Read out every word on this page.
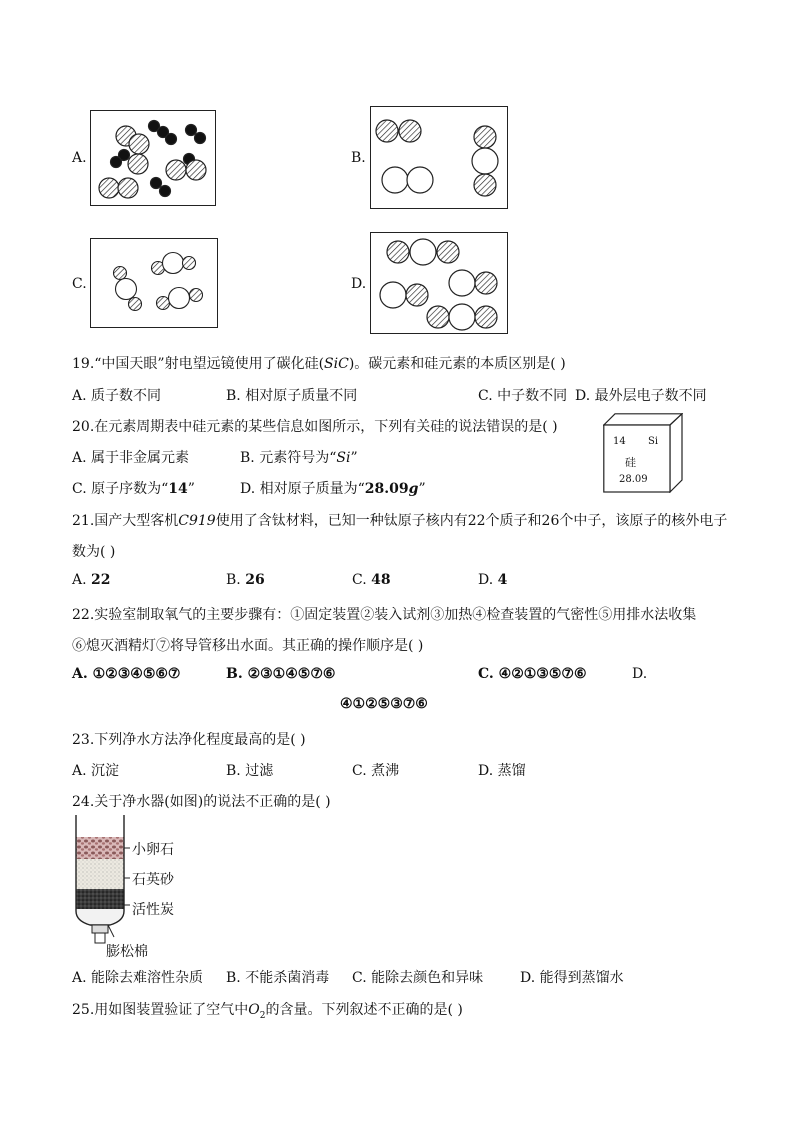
A.	B.
C.	D.
19.“中国天眼”射电望远镜使用了碳化硅(SiC)。碳元素和硅元素的本质区别是( )
A. 质子数不同	B. 相对原子质量不同	C. 中子数不同 D. 最外层电子数不同
20.在元素周期表中硅元素的某些信息如图所示，下列有关硅的说法错误的是( )
A. 属于非金属元素	B. 元素符号为“Si”
C. 原子序数为“14”	D. 相对原子质量为“28.09g”
14 Si
硅
28.09
21.国产大型客机C919使用了含钛材料，已知一种钛原子核内有22个质子和26个中子，该原子的核外电子
数为( )
A. 22	B. 26	C. 48	D. 4
22.实验室制取氧气的主要步骤有：①固定装置②装入试剂③加热④检查装置的气密性⑤用排水法收集
⑥熄灭酒精灯⑦将导管移出水面。其正确的操作顺序是( )
A. ①②③④⑤⑥⑦	B. ②③①④⑤⑦⑥	C. ④②①③⑤⑦⑥	D.
④①②⑤③⑦⑥
23.下列净水方法净化程度最高的是( )
A. 沉淀	B. 过滤	C. 煮沸	D. 蒸馏
24.关于净水器(如图)的说法不正确的是( )
小卵石
石英砂
活性炭
膨松棉
A. 能除去难溶性杂质 B. 不能杀菌消毒 C. 能除去颜色和异味	D. 能得到蒸馏水
25.用如图装置验证了空气中$O_2$的含量。下列叙述不正确的是( )
